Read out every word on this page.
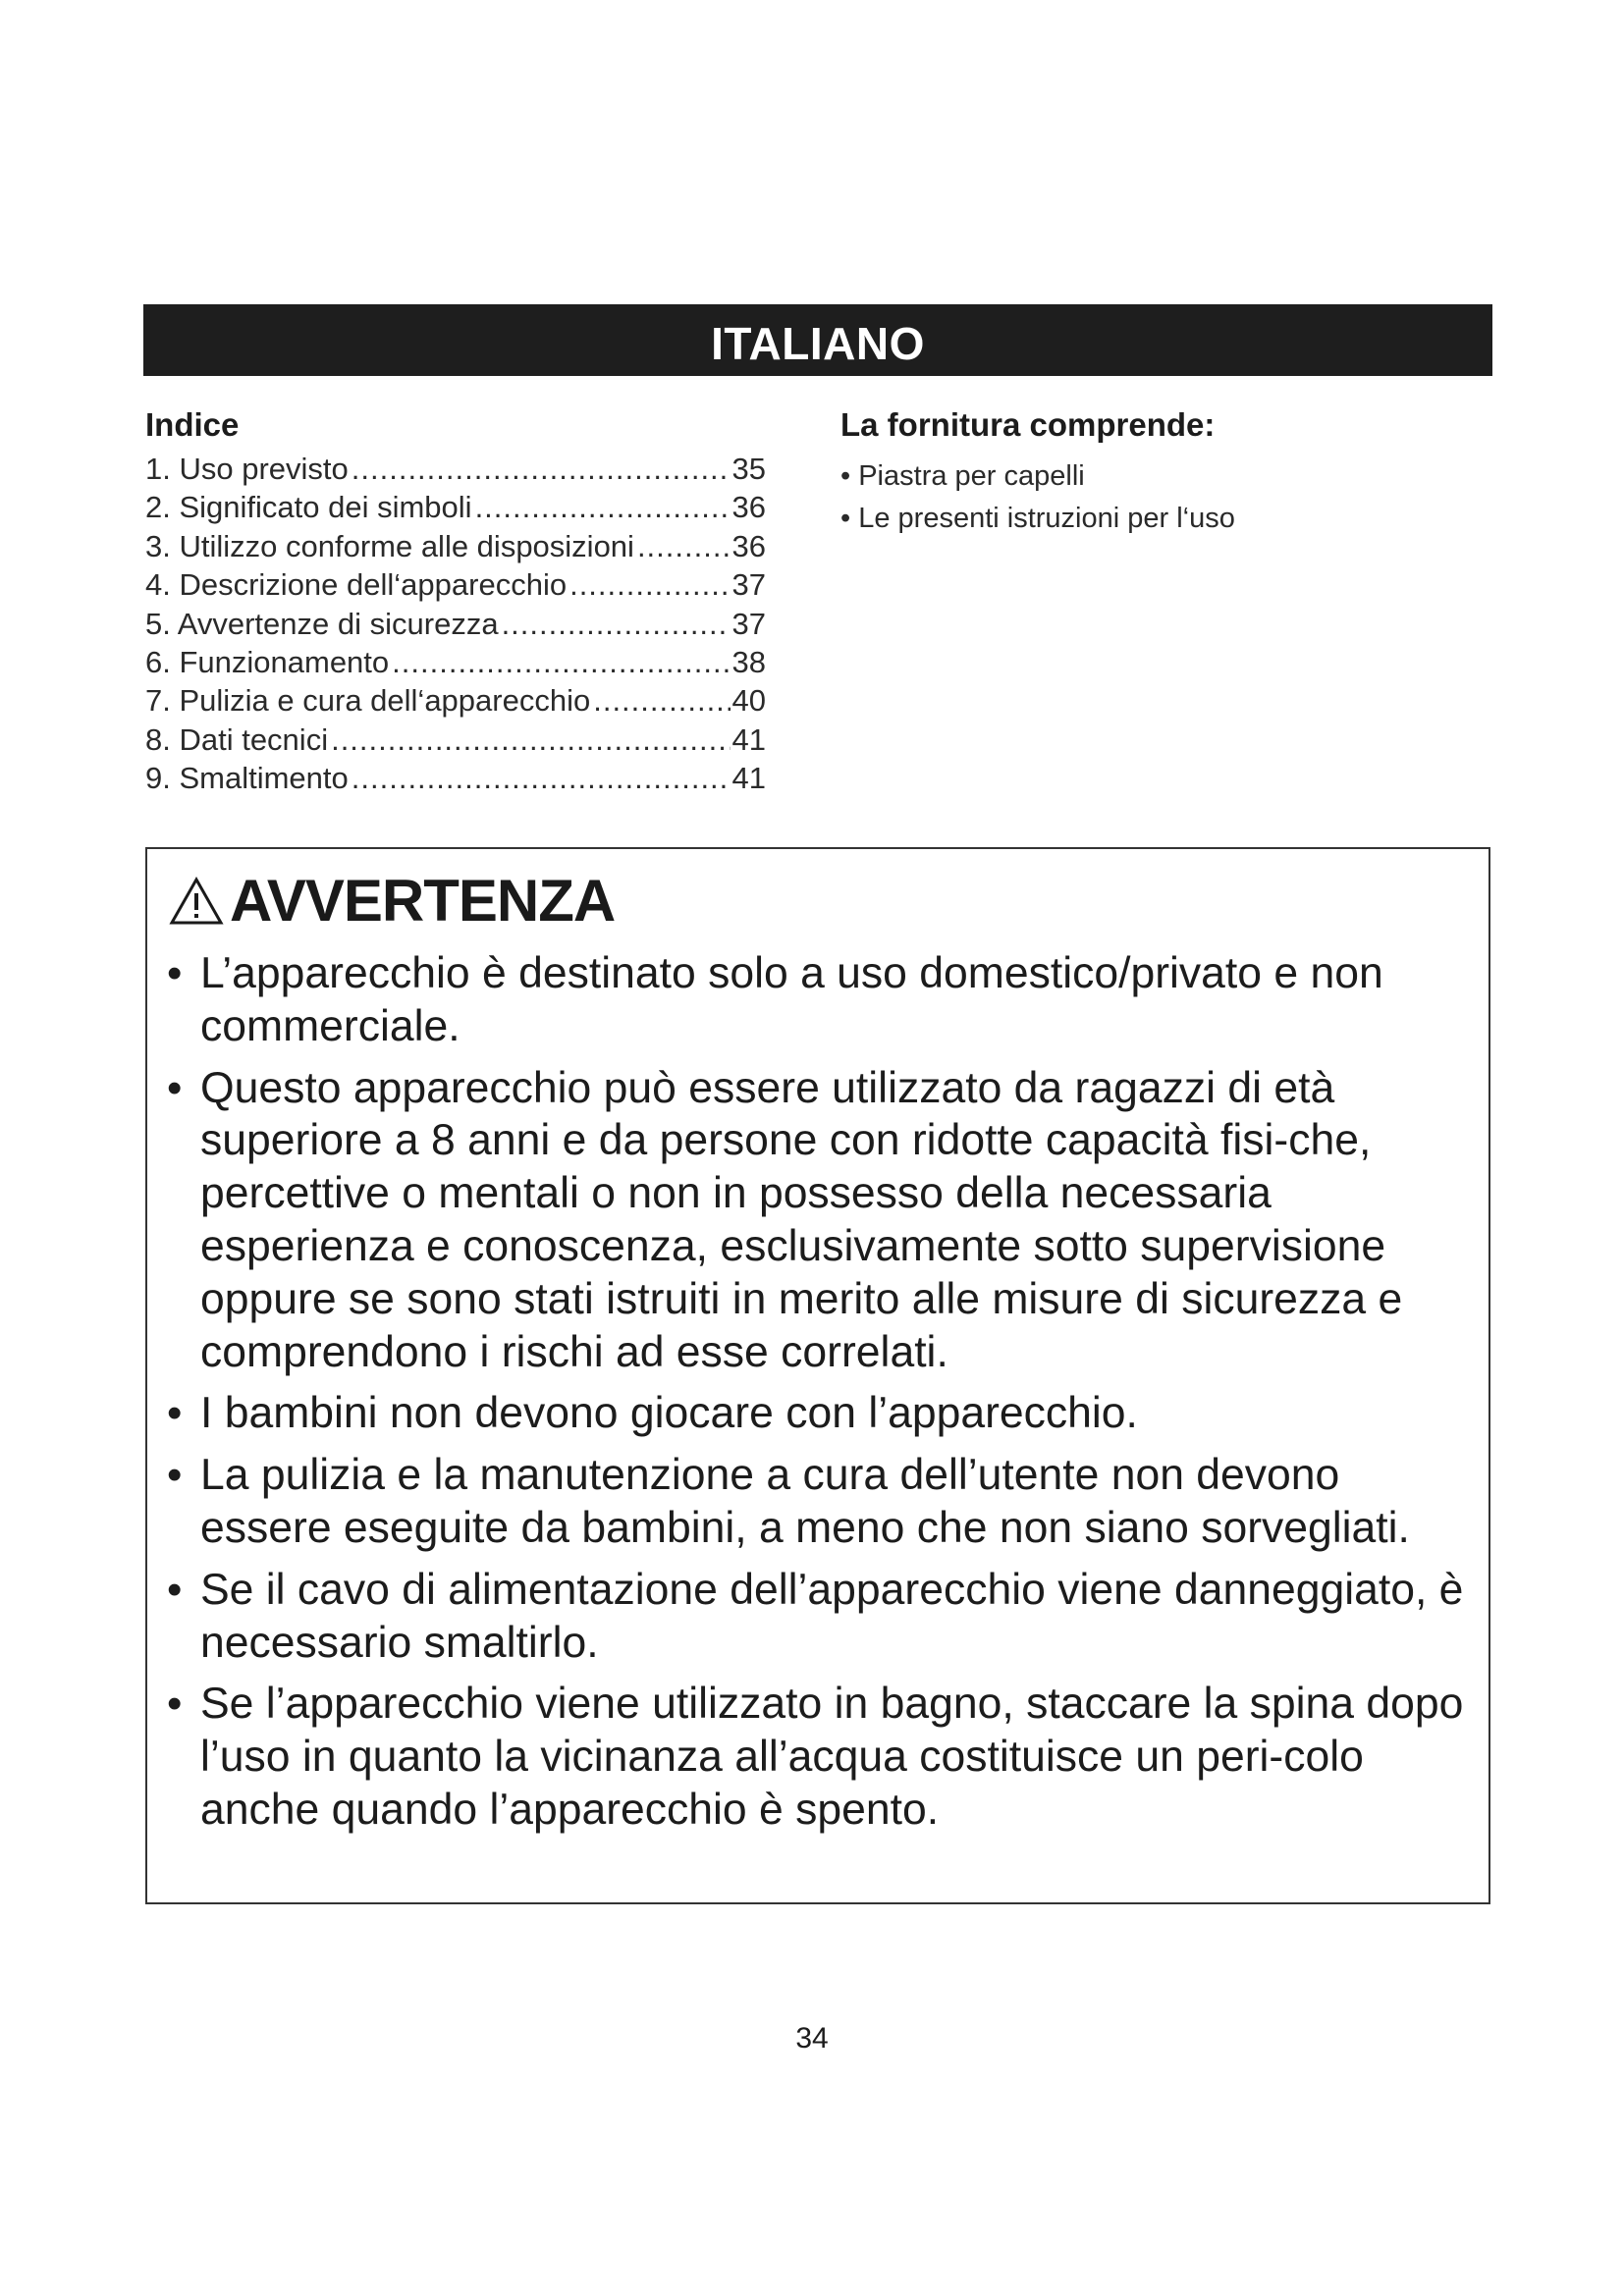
ITALIANO
Indice
1. Uso previsto .....	35
2. Significato dei simboli .....	36
3. Utilizzo conforme alle disposizioni .....	36
4. Descrizione dell‘apparecchio .....	37
5. Avvertenze di sicurezza .....	37
6. Funzionamento .....	38
7. Pulizia e cura dell‘apparecchio .....	40
8. Dati tecnici .....	41
9. Smaltimento .....	41
La fornitura comprende:
• Piastra per capelli
• Le presenti istruzioni per l‘uso
AVVERTENZA
• L’apparecchio è destinato solo a uso domestico/privato e non commerciale.
• Questo apparecchio può essere utilizzato da ragazzi di età superiore a 8 anni e da persone con ridotte capacità fisi-che, percettive o mentali o non in possesso della necessaria esperienza e conoscenza, esclusivamente sotto supervisione oppure se sono stati istruiti in merito alle misure di sicurezza e comprendono i rischi ad esse correlati.
• I bambini non devono giocare con l’apparecchio.
• La pulizia e la manutenzione a cura dell’utente non devono essere eseguite da bambini, a meno che non siano sorvegliati.
• Se il cavo di alimentazione dell’apparecchio viene danneggiato, è necessario smaltirlo.
• Se l’apparecchio viene utilizzato in bagno, staccare la spina dopo l’uso in quanto la vicinanza all’acqua costituisce un peri-colo anche quando l’apparecchio è spento.
34
